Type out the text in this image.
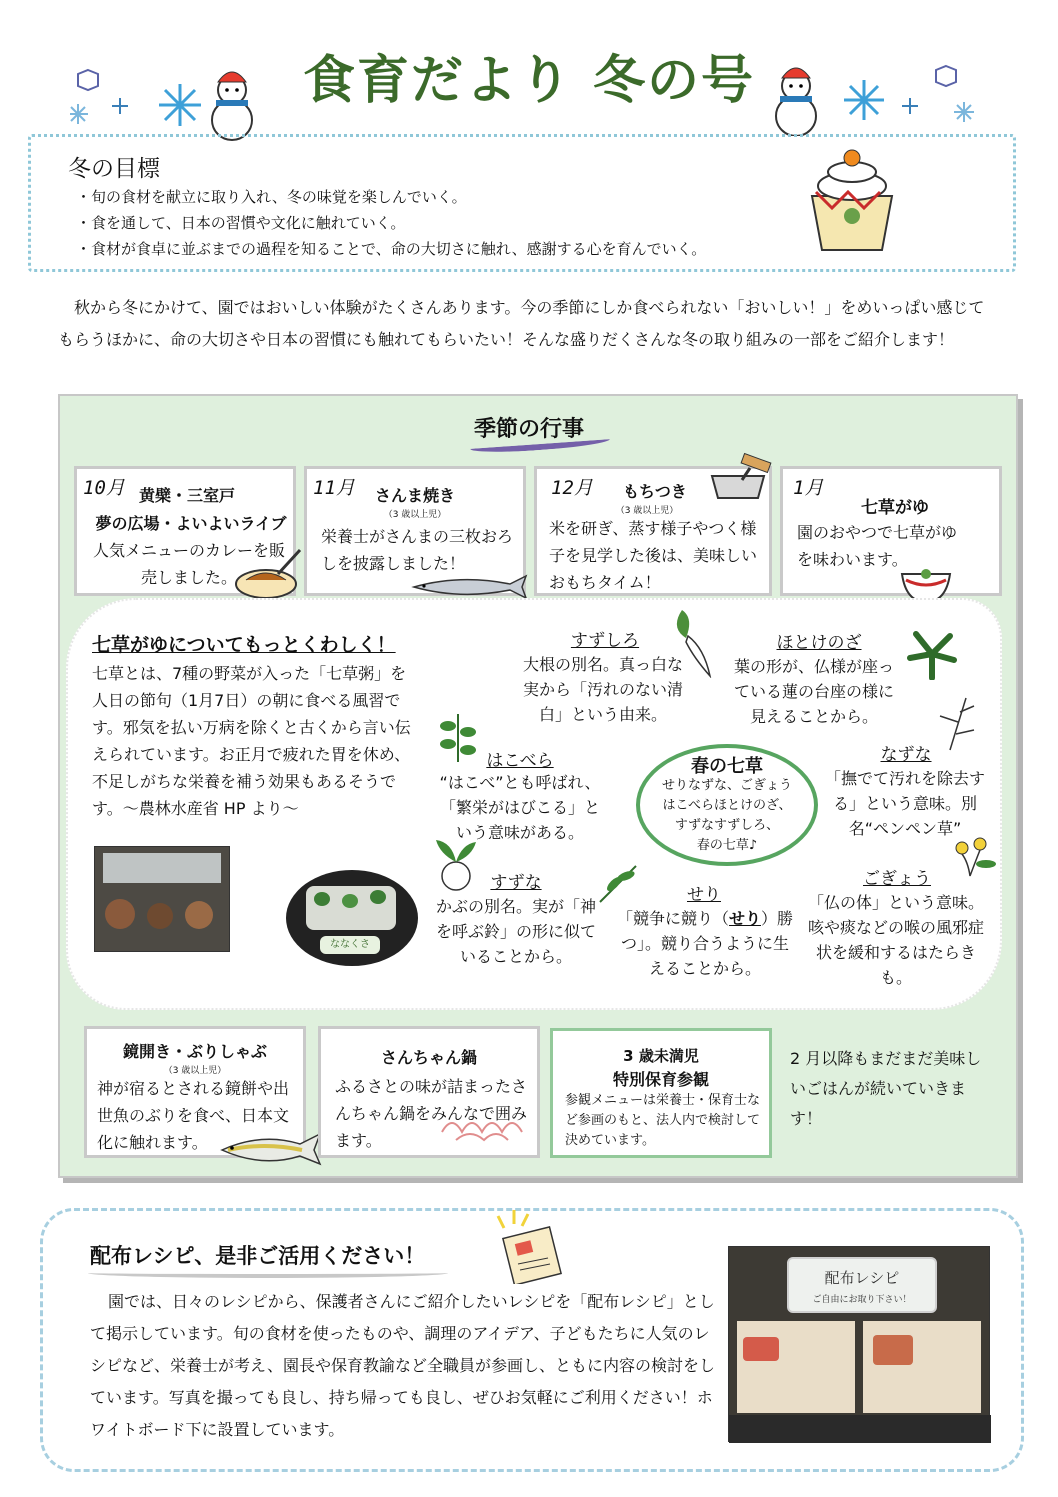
食育だより 冬の号
冬の目標
・旬の食材を献立に取り入れ、冬の味覚を楽しんでいく。
・食を通して、日本の習慣や文化に触れていく。
・食材が食卓に並ぶまでの過程を知ることで、命の大切さに触れ、感謝する心を育んでいく。
秋から冬にかけて、園ではおいしい体験がたくさんあります。今の季節にしか食べられない「おいしい！」をめいっぱい感じてもらうほかに、命の大切さや日本の習慣にも触れてもらいたい！そんな盛りだくさんな冬の取り組みの一部をご紹介します！
季節の行事
10月 黄檗・三室戸
夢の広場・よいよいライブ
人気メニューのカレーを販売しました。
11月 さんま焼き
（3 歳以上児）
栄養士がさんまの三枚おろしを披露しました！
12月 もちつき
（3 歳以上児）
米を研ぎ、蒸す様子やつく様子を見学した後は、美味しいおもちタイム！
1月
七草がゆ
園のおやつで七草がゆを味わいます。
七草がゆについてもっとくわしく！
七草とは、7種の野菜が入った「七草粥」を人日の節句（1月7日）の朝に食べる風習です。邪気を払い万病を除くと古くから言い伝えられています。お正月で疲れた胃を休め、不足しがちな栄養を補う効果もあるそうです。～農林水産省 HP より～
ななくさ
すずしろ
大根の別名。真っ白な実から「汚れのない清白」という由来。
ほとけのざ
葉の形が、仏様が座っている蓮の台座の様に見えることから。
はこべら
“はこべ”とも呼ばれ、「繁栄がはびこる」という意味がある。
春の七草
せりなずな、ごぎょう
はこべらほとけのざ、
すずなすずしろ、
春の七草♪
なずな
「撫でて汚れを除去する」という意味。別名“ペンペン草”
すずな
かぶの別名。実が「神を呼ぶ鈴」の形に似ていることから。
せり
「競争に競り（せり）勝つ」。競り合うように生えることから。
ごぎょう
「仏の体」という意味。咳や痰などの喉の風邪症状を緩和するはたらきも。
鏡開き・ぶりしゃぶ
（3 歳以上児）
神が宿るとされる鏡餅や出世魚のぶりを食べ、日本文化に触れます。
さんちゃん鍋
ふるさとの味が詰まったさんちゃん鍋をみんなで囲みます。
3 歳未満児
特別保育参観
参観メニューは栄養士・保育士など参画のもと、法人内で検討して決めています。
2 月以降もまだまだ美味しいごはんが続いていきます！
配布レシピ、是非ご活用ください！
園では、日々のレシピから、保護者さんにご紹介したいレシピを「配布レシピ」として掲示しています。旬の食材を使ったものや、調理のアイデア、子どもたちに人気のレシピなど、栄養士が考え、園長や保育教諭など全職員が参画し、ともに内容の検討をしています。写真を撮っても良し、持ち帰っても良し、ぜひお気軽にご利用ください！ホワイトボード下に設置しています。
配布レシピ
ご自由にお取り下さい！
